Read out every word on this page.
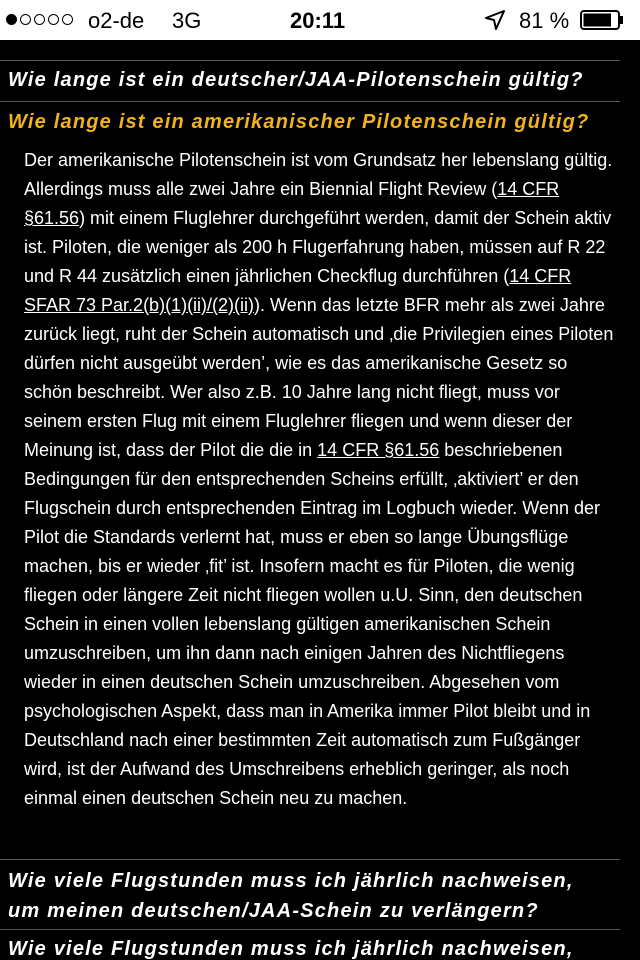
o2-de 3G	20:11	81 %
Wie lange ist ein deutscher/JAA-Pilotenschein gültig?
Wie lange ist ein amerikanischer Pilotenschein gültig?

Der amerikanische Pilotenschein ist vom Grundsatz her lebenslang gültig. Allerdings muss alle zwei Jahre ein Biennial Flight Review (14 CFR §61.56) mit einem Fluglehrer durchgeführt werden, damit der Schein aktiv ist. Piloten, die weniger als 200 h Flugerfahrung haben, müssen auf R 22 und R 44 zusätzlich einen jährlichen Checkflug durchführen (14 CFR SFAR 73 Par.2(b)(1)(ii)/(2)(ii)). Wenn das letzte BFR mehr als zwei Jahre zurück liegt, ruht der Schein automatisch und ‚die Privilegien eines Piloten dürfen nicht ausgeübt werden’, wie es das amerikanische Gesetz so schön beschreibt. Wer also z.B. 10 Jahre lang nicht fliegt, muss vor seinem ersten Flug mit einem Fluglehrer fliegen und wenn dieser der Meinung ist, dass der Pilot die die in 14 CFR §61.56 beschriebenen Bedingungen für den entsprechenden Scheins erfüllt, ‚aktiviert’ er den Flugschein durch entsprechenden Eintrag im Logbuch wieder. Wenn der Pilot die Standards verlernt hat, muss er eben so lange Übungsflüge machen, bis er wieder ‚fit’ ist. Insofern macht es für Piloten, die wenig fliegen oder längere Zeit nicht fliegen wollen u.U. Sinn, den deutschen Schein in einen vollen lebenslang gültigen amerikanischen Schein umzuschreiben, um ihn dann nach einigen Jahren des Nichtfliegens wieder in einen deutschen Schein umzuschreiben. Abgesehen vom psychologischen Aspekt, dass man in Amerika immer Pilot bleibt und in Deutschland nach einer bestimmten Zeit automatisch zum Fußgänger wird, ist der Aufwand des Umschreibens erheblich geringer, als noch einmal einen deutschen Schein neu zu machen.

Wie viele Flugstunden muss ich jährlich nachweisen,
um meinen deutschen/JAA-Schein zu verlängern?
Wie viele Flugstunden muss ich jährlich nachweisen,
